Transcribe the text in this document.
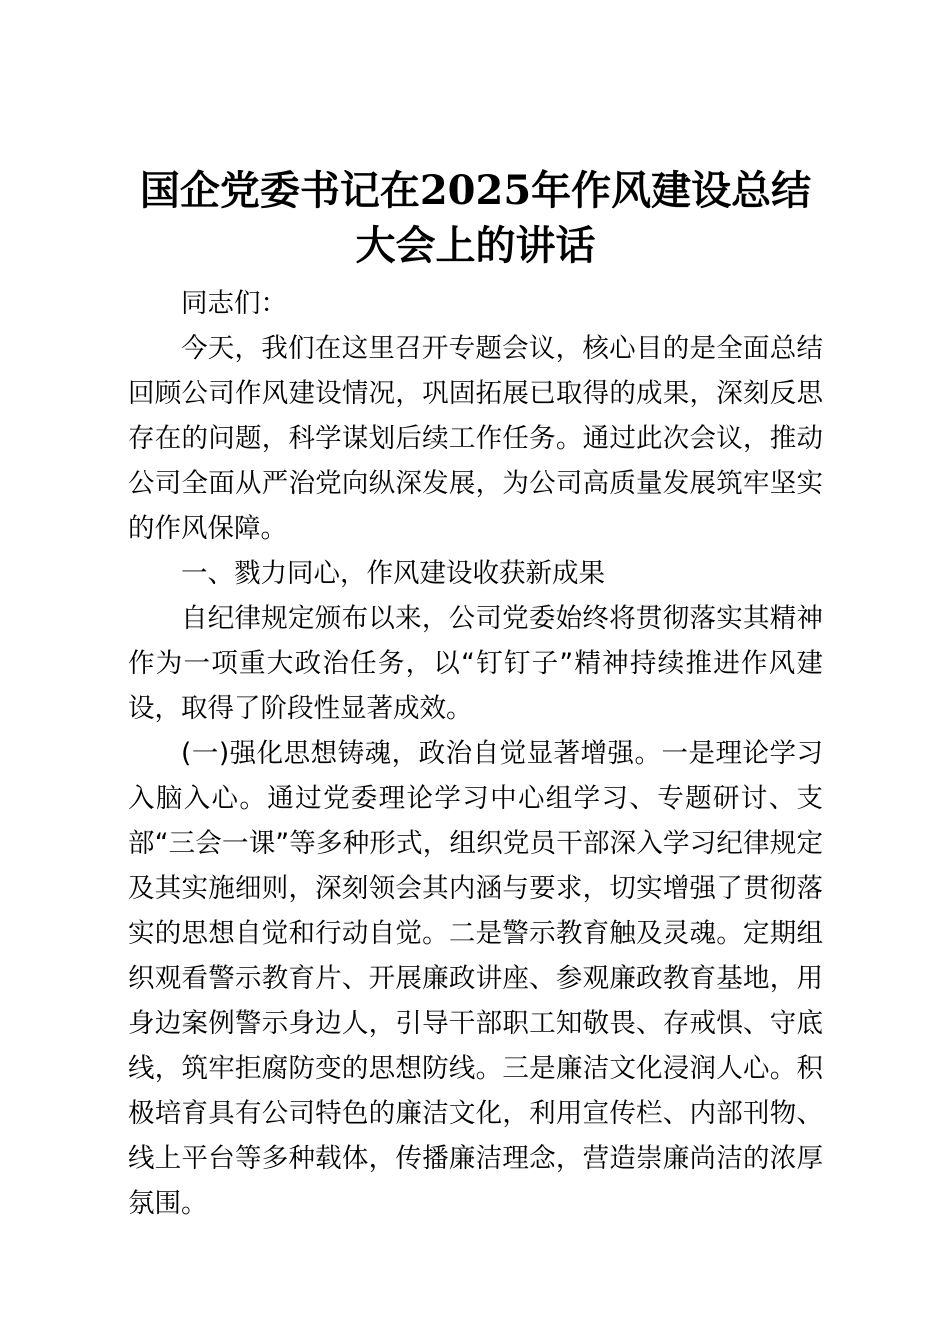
国企党委书记在2025年作风建设总结
大会上的讲话

同志们：

今天，我们在这里召开专题会议，核心目的是全面总结回顾公司作风建设情况，巩固拓展已取得的成果，深刻反思存在的问题，科学谋划后续工作任务。通过此次会议，推动公司全面从严治党向纵深发展，为公司高质量发展筑牢坚实的作风保障。

一、戮力同心，作风建设收获新成果

自纪律规定颁布以来，公司党委始终将贯彻落实其精神作为一项重大政治任务，以“钉钉子”精神持续推进作风建设，取得了阶段性显著成效。

(一)强化思想铸魂，政治自觉显著增强。一是理论学习入脑入心。通过党委理论学习中心组学习、专题研讨、支部“三会一课”等多种形式，组织党员干部深入学习纪律规定及其实施细则，深刻领会其内涵与要求，切实增强了贯彻落实的思想自觉和行动自觉。二是警示教育触及灵魂。定期组织观看警示教育片、开展廉政讲座、参观廉政教育基地，用身边案例警示身边人，引导干部职工知敬畏、存戒惧、守底线，筑牢拒腐防变的思想防线。三是廉洁文化浸润人心。积极培育具有公司特色的廉洁文化，利用宣传栏、内部刊物、线上平台等多种载体，传播廉洁理念，营造崇廉尚洁的浓厚氛围。
